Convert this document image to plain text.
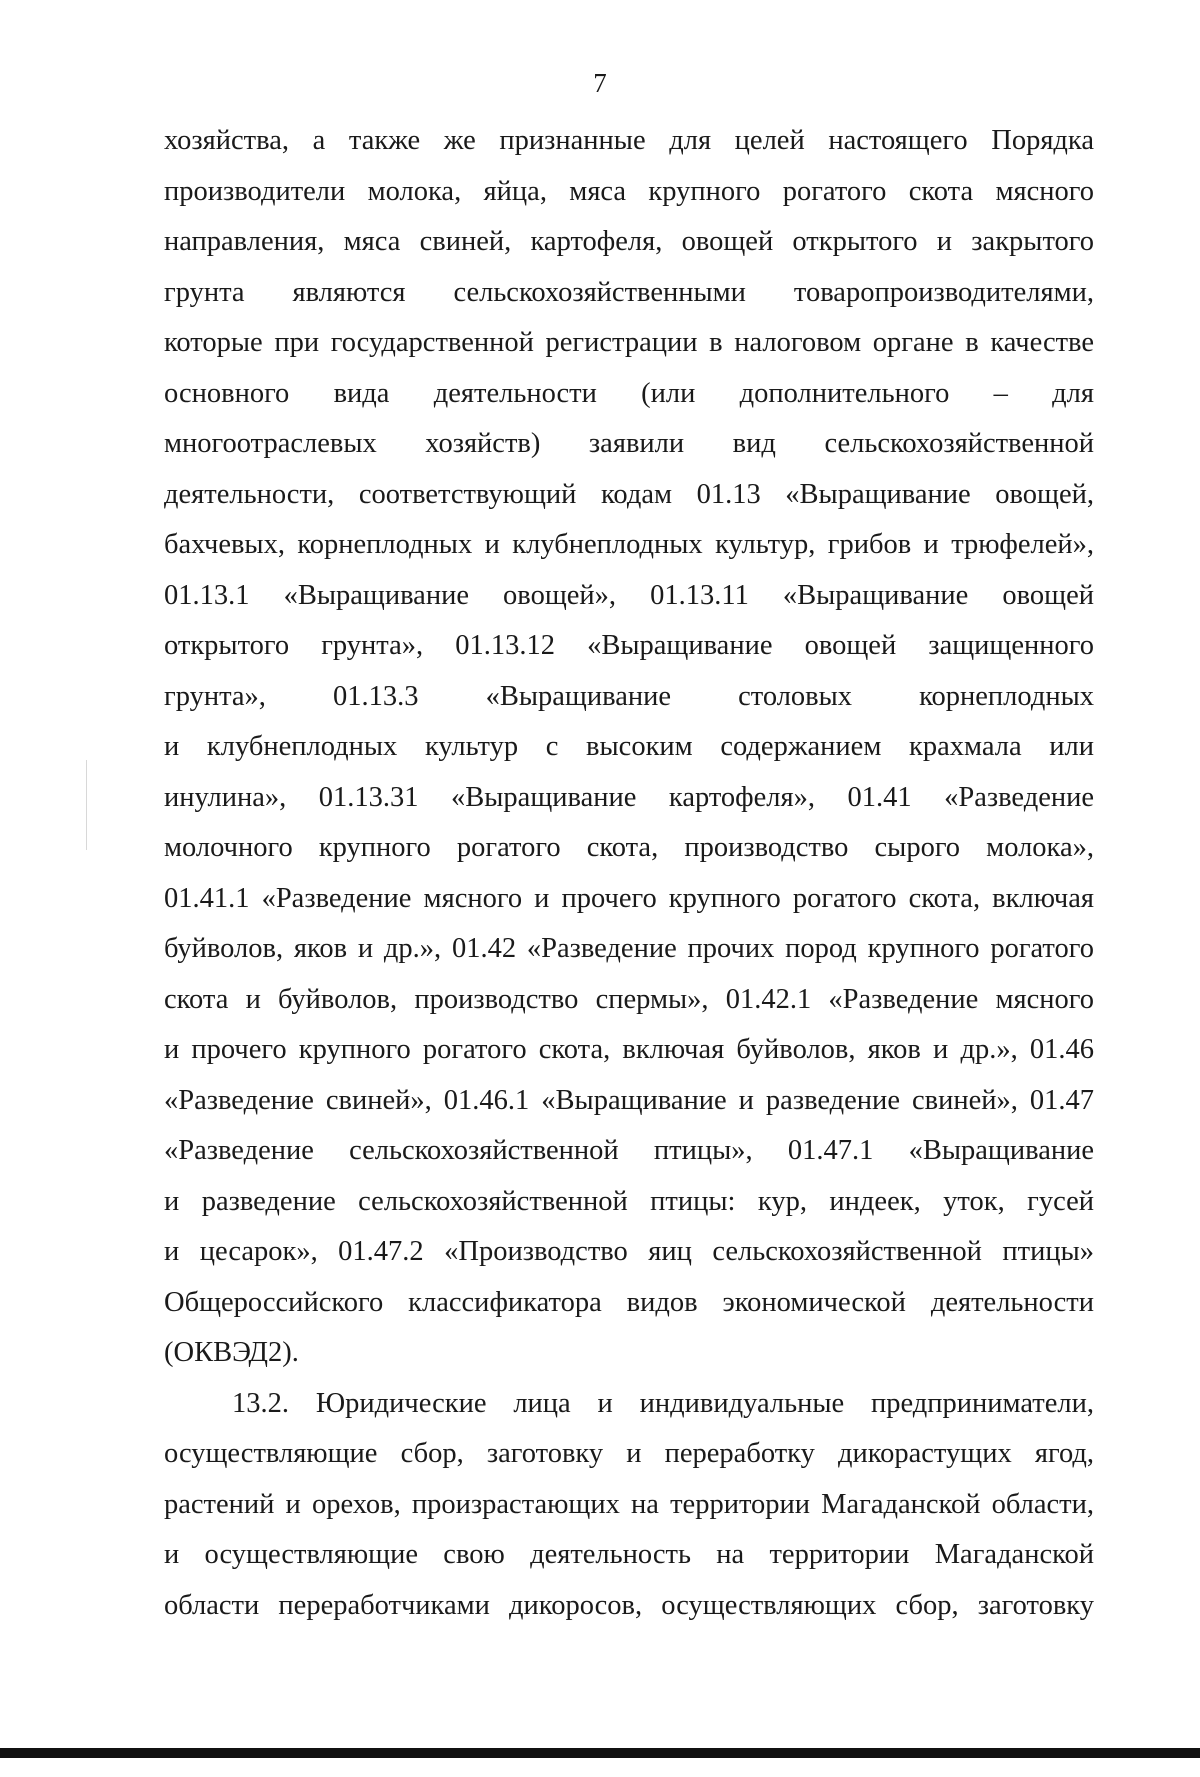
7
хозяйства, а также же признанные для целей настоящего Порядка
производители молока, яйца, мяса крупного рогатого скота мясного
направления, мяса свиней, картофеля, овощей открытого и закрытого
грунта являются сельскохозяйственными товаропроизводителями,
которые при государственной регистрации в налоговом органе в качестве
основного вида деятельности (или дополнительного – для
многоотраслевых хозяйств) заявили вид сельскохозяйственной
деятельности, соответствующий кодам 01.13 «Выращивание овощей,
бахчевых, корнеплодных и клубнеплодных культур, грибов и трюфелей»,
01.13.1 «Выращивание овощей», 01.13.11 «Выращивание овощей
открытого грунта», 01.13.12 «Выращивание овощей защищенного
грунта», 01.13.3 «Выращивание столовых корнеплодных
и клубнеплодных культур с высоким содержанием крахмала или
инулина», 01.13.31 «Выращивание картофеля», 01.41 «Разведение
молочного крупного рогатого скота, производство сырого молока»,
01.41.1 «Разведение мясного и прочего крупного рогатого скота, включая
буйволов, яков и др.», 01.42 «Разведение прочих пород крупного рогатого
скота и буйволов, производство спермы», 01.42.1 «Разведение мясного
и прочего крупного рогатого скота, включая буйволов, яков и др.», 01.46
«Разведение свиней», 01.46.1 «Выращивание и разведение свиней», 01.47
«Разведение сельскохозяйственной птицы», 01.47.1 «Выращивание
и разведение сельскохозяйственной птицы: кур, индеек, уток, гусей
и цесарок», 01.47.2 «Производство яиц сельскохозяйственной птицы»
Общероссийского классификатора видов экономической деятельности
(ОКВЭД2).
13.2. Юридические лица и индивидуальные предприниматели,
осуществляющие сбор, заготовку и переработку дикорастущих ягод,
растений и орехов, произрастающих на территории Магаданской области,
и осуществляющие свою деятельность на территории Магаданской
области переработчиками дикоросов, осуществляющих сбор, заготовку
